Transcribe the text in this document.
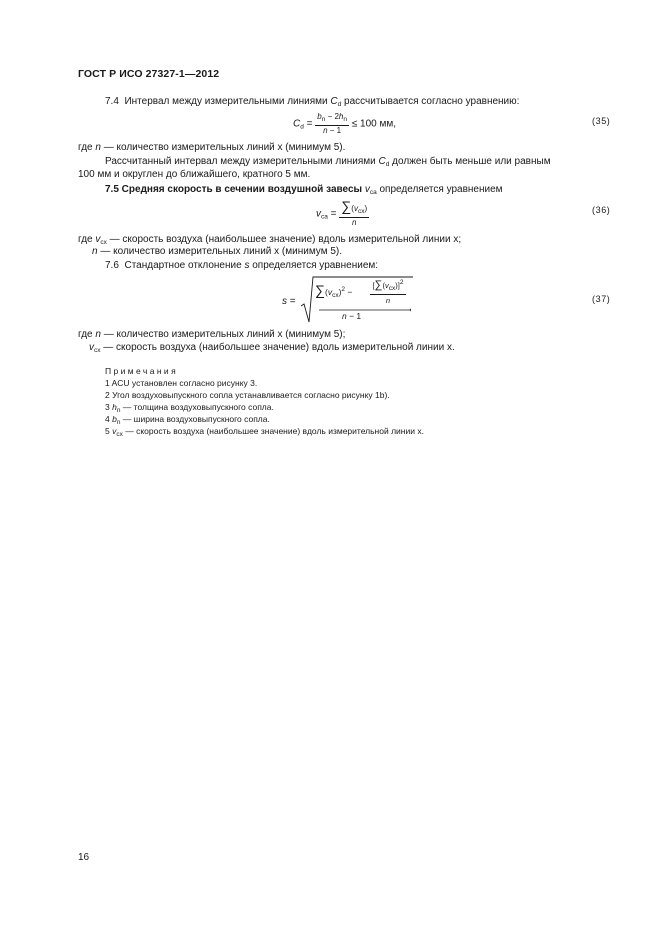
ГОСТ Р ИСО 27327-1—2012
7.4 Интервал между измерительными линиями $C_d$ рассчитывается согласно уравнению:
$C_d = \frac{b_n - 2h_n}{n - 1} \le 100$ мм,	(35)
где n — количество измерительных линий x (минимум 5).
Рассчитанный интервал между измерительными линиями $C_d$ должен быть меньше или равным
100 мм и округлен до ближайшего, кратного 5 мм.
7.5 Средняя скорость в сечении воздушной завесы $v_{ca}$ определяется уравнением
$v_{ca} = \frac{\sum(v_{cx})}{n}$	(36)
где $v_{cx}$ — скорость воздуха (наибольшее значение) вдоль измерительной линии x;
n — количество измерительных линий x (минимум 5).
7.6 Стандартное отклонение s определяется уравнением:
s =
$\sum(v_{cx})^2$ −
$[\sum(vcx)]^2$
n
n − 1
,
(37)
где n — количество измерительных линий x (минимум 5);
$v_{cx}$ — скорость воздуха (наибольшее значение) вдоль измерительной линии x.
Примечания
1 ACU установлен согласно рисунку 3.
2 Угол воздуховыпускного сопла устанавливается согласно рисунку 1b).
3 $h_n$ — толщина воздуховыпускного сопла.
4 $b_n$ — ширина воздуховыпускного сопла.
5 $v_{cx}$ — скорость воздуха (наибольшее значение) вдоль измерительной линии x.
16
